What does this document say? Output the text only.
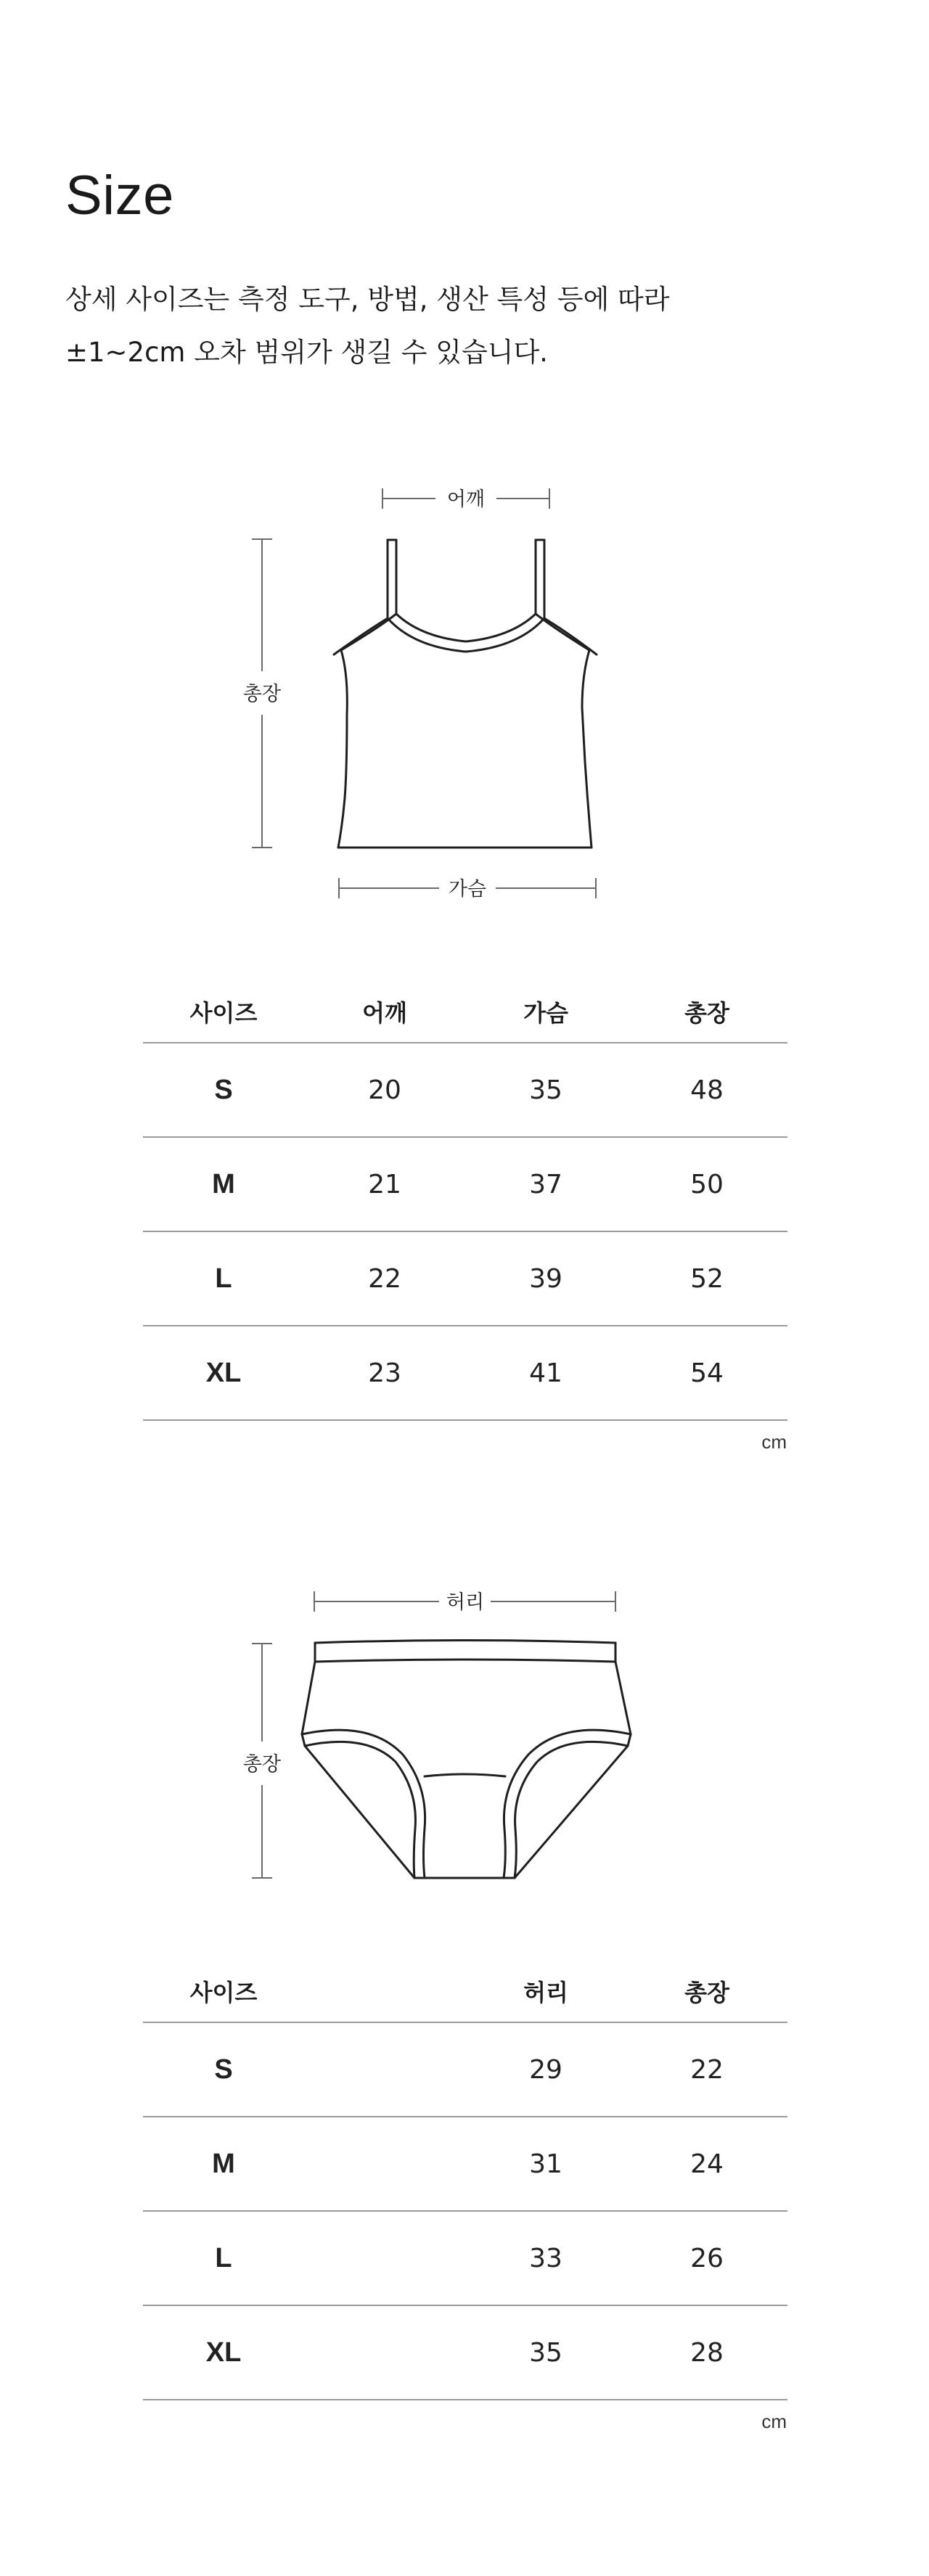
Size

상세 사이즈는 측정 도구, 방법, 생산 특성 등에 따라
±1~2cm 오차 범위가 생길 수 있습니다.

어깨
총장
가슴
사이즈	어깨	가슴	총장
S	20	35	48
M	21	37	50
L	22	39	52
XL	23	41	54
cm
허리
총장
사이즈		허리	총장
S		29	22
M		31	24
L		33	26
XL		35	28
cm
